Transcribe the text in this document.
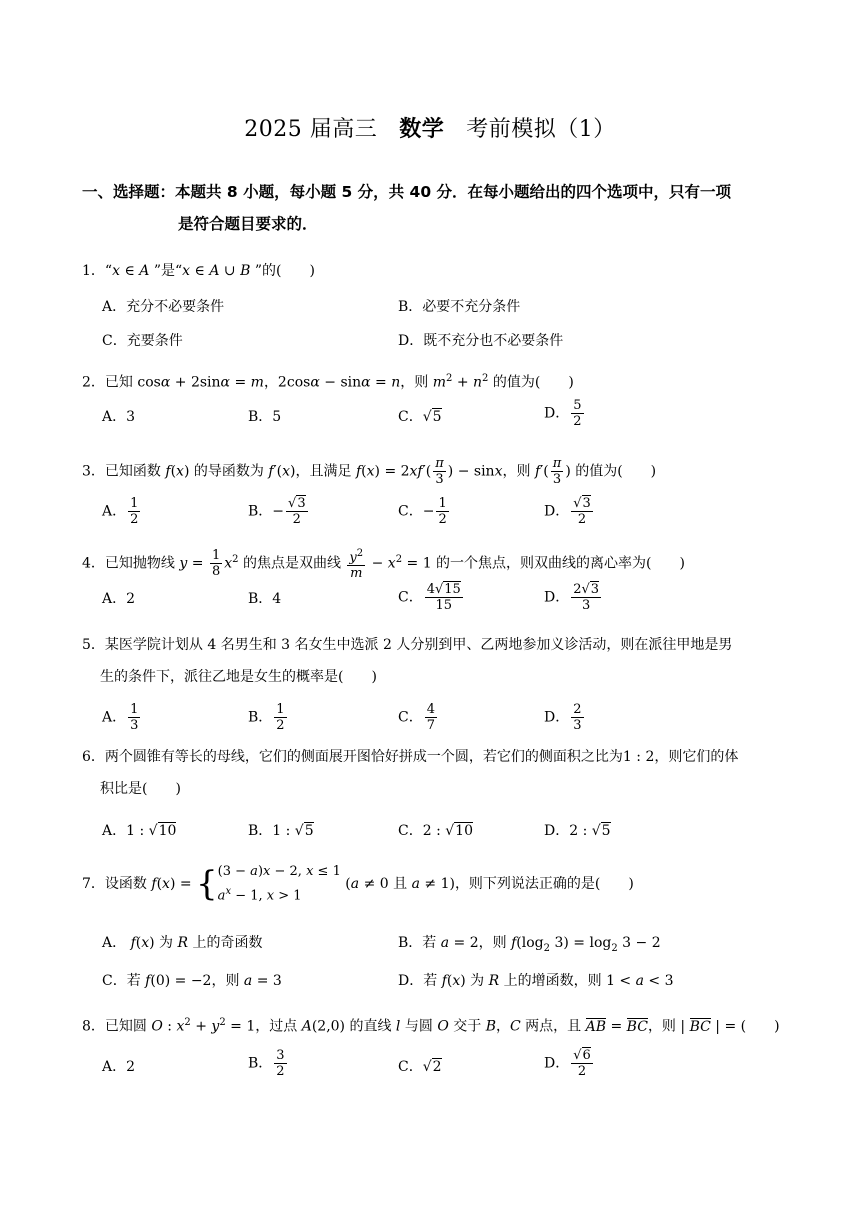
2025 届高三 数学 考前模拟（1）
一、选择题：本题共 8 小题，每小题 5 分，共 40 分．在每小题给出的四个选项中，只有一项
是符合题目要求的．
1．“x ∈ A ”是“x ∈ A ∪ B ”的(　　)
A．充分不必要条件	B．必要不充分条件
C．充要条件	D．既不充分也不必要条件
2．已知 cosα + 2sinα = m，2cosα − sinα = n，则 $m^2 + n^2$ 的值为(　　)
A．3	B．5	C．√5	D． $\frac{5}{2}$
3．已知函数 f(x) 的导函数为 f′(x)，且满足 $f(x) = 2xf'( \frac{\pi}{3}$ ) − sinx，则 $f'( \frac{\pi}{3}$ ) 的值为(　　)
A． $\frac{1}{2}$	B．− $\frac{√3}{2}$	C．− $\frac{1}{2}$	D． $\frac{√3}{2}$
4．已知抛物线 $y = \frac{1}{8} x^2$ 的焦点是双曲线 $\frac{y^2}{m} - x^2 = 1$ 的一个焦点，则双曲线的离心率为(　　)
A．2	B．4	C． $\frac{4√15}{15}$	D． $\frac{2√3}{3}$
5．某医学院计划从 4 名男生和 3 名女生中选派 2 人分别到甲、乙两地参加义诊活动，则在派往甲地是男
生的条件下，派往乙地是女生的概率是(　　)
A． $\frac{1}{3}$	B． $\frac{1}{2}$	C． $\frac{4}{7}$	D． $\frac{2}{3}$
6．两个圆锥有等长的母线，它们的侧面展开图恰好拼成一个圆，若它们的侧面积之比为1 : 2，则它们的体
积比是(　　)
A．1 : √10	B．1 : √5	C．2 : √10	D．2 : √5
7．设函数 f(x) = { (3 − a)x − 2, x ≤ 1
$a^x - 1$, x > 1
(a ≠ 0 且 a ≠ 1)，则下列说法正确的是(　　)
A． f(x) 为 R 上的奇函数	B．若 a = 2，则 $f(\log_2$ $3) = \log_2 3 - 2$
C．若 f(0) = −2，则 a = 3	D．若 f(x) 为 R 上的增函数，则 1 < a < 3
8．已知圆 O : $x^2 + y^2 = 1$，过点 A(2,0) 的直线 l 与圆 O 交于 B，C 两点，且 AB = BC，则 | BC | = (　　)
A．2	B． $\frac{3}{2}$	C．√2	D． $\frac{√6}{2}$
